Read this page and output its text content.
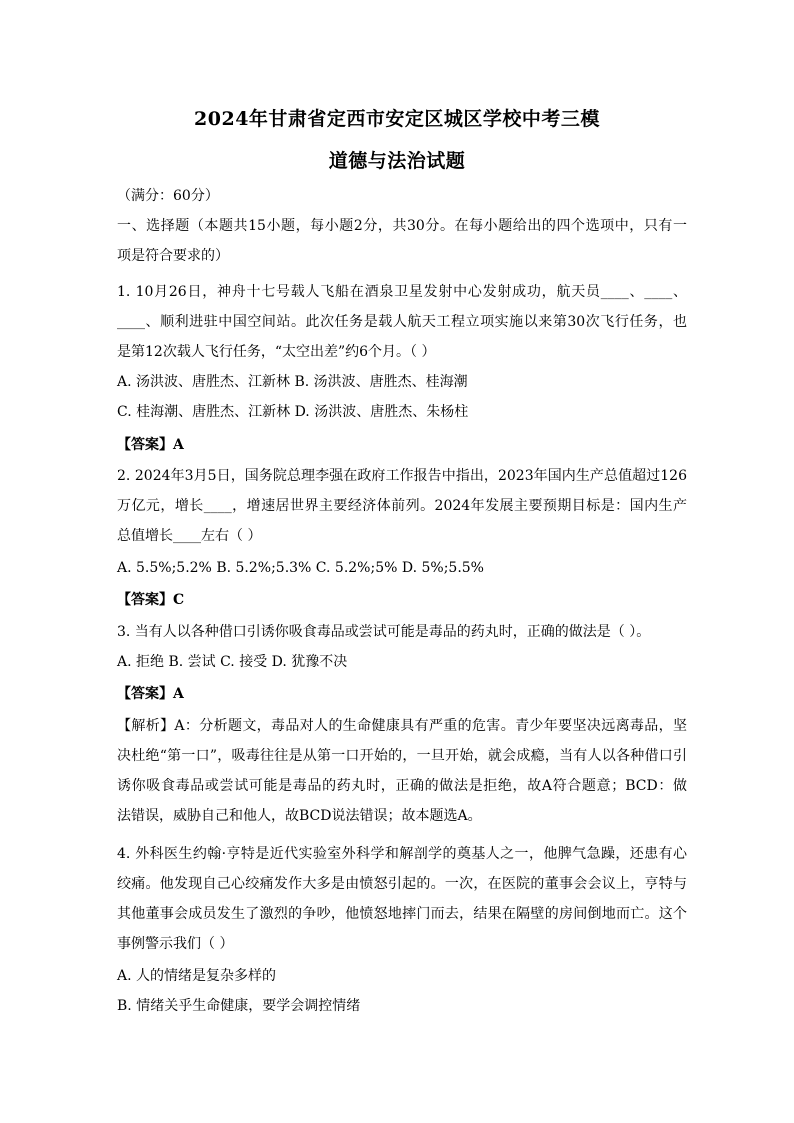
2024年甘肃省定西市安定区城区学校中考三模
道德与法治试题
（满分：60分）
一、选择题（本题共15小题，每小题2分，共30分。在每小题给出的四个选项中，只有一
项是符合要求的）
1. 10月26日，神舟十七号载人飞船在酒泉卫星发射中心发射成功，航天员____、____、
____、顺利进驻中国空间站。此次任务是载人航天工程立项实施以来第30次飞行任务，也
是第12次载人飞行任务，“太空出差”约6个月。（ ）
A. 汤洪波、唐胜杰、江新林 B. 汤洪波、唐胜杰、桂海潮
C. 桂海潮、唐胜杰、江新林 D. 汤洪波、唐胜杰、朱杨柱
【答案】A
2. 2024年3月5日，国务院总理李强在政府工作报告中指出，2023年国内生产总值超过126
万亿元，增长____，增速居世界主要经济体前列。2024年发展主要预期目标是：国内生产
总值增长____左右（ ）
A. 5.5%;5.2% B. 5.2%;5.3% C. 5.2%;5% D. 5%;5.5%
【答案】C
3. 当有人以各种借口引诱你吸食毒品或尝试可能是毒品的药丸时，正确的做法是（ ）。
A. 拒绝 B. 尝试 C. 接受 D. 犹豫不决
【答案】A
【解析】A：分析题文，毒品对人的生命健康具有严重的危害。青少年要坚决远离毒品，坚
决杜绝“第一口”，吸毒往往是从第一口开始的，一旦开始，就会成瘾，当有人以各种借口引
诱你吸食毒品或尝试可能是毒品的药丸时，正确的做法是拒绝，故A符合题意；BCD：做
法错误，威胁自己和他人，故BCD说法错误；故本题选A。
4. 外科医生约翰·亨特是近代实验室外科学和解剖学的奠基人之一，他脾气急躁，还患有心
绞痛。他发现自己心绞痛发作大多是由愤怒引起的。一次，在医院的董事会会议上，亨特与
其他董事会成员发生了激烈的争吵，他愤怒地摔门而去，结果在隔壁的房间倒地而亡。这个
事例警示我们（ ）
A. 人的情绪是复杂多样的
B. 情绪关乎生命健康，要学会调控情绪
